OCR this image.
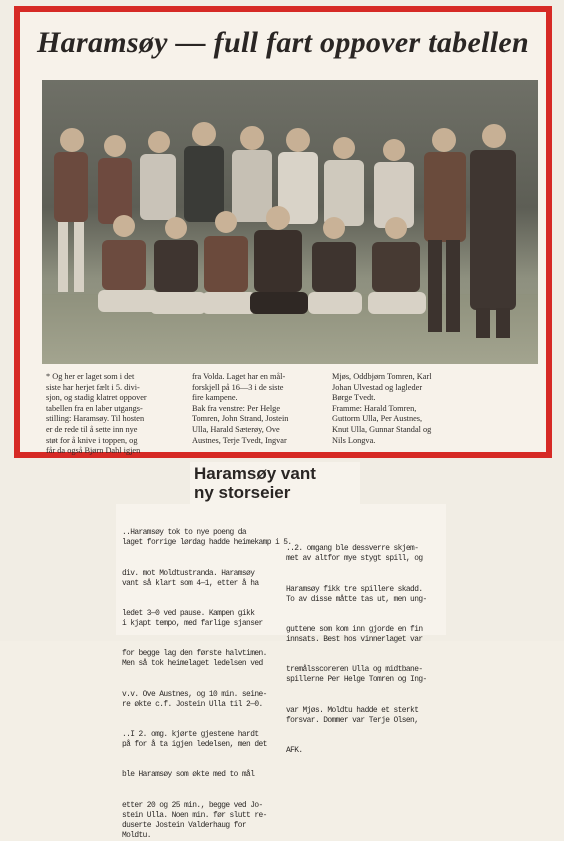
Haramsøy — full fart oppover tabellen
* Og her er laget som i det
siste har herjet fælt i 5. divi-
sjon, og stadig klatret oppover
tabellen fra en laber utgangs-
stilling: Haramsøy. Til hosten
er de rede til å sette inn nye
støt for å knive i toppen, og
får da også Bjørn Dahl igjen
fra Volda. Laget har en mål-
forskjell på 16—3 i de siste
fire kampene.
Bak fra venstre: Per Helge
Tomren, John Strand, Jostein
Ulla, Harald Sæterøy, Ove
Austnes, Terje Tvedt, Ingvar
Mjøs, Oddbjørn Tomren, Karl
Johan Ulvestad og lagleder
Børge Tvedt.
Framme: Harald Tomren,
Guttorm Ulla, Per Austnes,
Knut Ulla, Gunnar Standal og
Nils Longva.
Haramsøy vant
ny storseier

..Haramsøy tok to nye poeng da
laget forrige lørdag hadde heimekamp i 5.

div. mot Moldtustranda. Haramsøy
vant så klart som 4—1, etter å ha

ledet 3—0 ved pause. Kampen gikk
i kjapt tempo, med farlige sjanser

for begge lag den første halvtimen.
Men så tok heimelaget ledelsen ved

v.v. Ove Austnes, og 10 min. seine-
re økte c.f. Jostein Ulla til 2—0.

..I 2. omg. kjørte gjestene hardt
på for å ta igjen ledelsen, men det

ble Haramsøy som økte med to mål

etter 20 og 25 min., begge ved Jo-
stein Ulla. Noen min. før slutt re-
duserte Jostein Valderhaug for
Moldtu.

..2. omgang ble dessverre skjem-
met av altfor mye stygt spill, og

Haramsøy fikk tre spillere skadd.
To av disse måtte tas ut, men ung-

guttene som kom inn gjorde en fin
innsats. Best hos vinnerlaget var

tremålsscoreren Ulla og midtbane-
spillerne Per Helge Tomren og Ing-

var Mjøs. Moldtu hadde et sterkt
forsvar. Dommer var Terje Olsen,

AFK.
